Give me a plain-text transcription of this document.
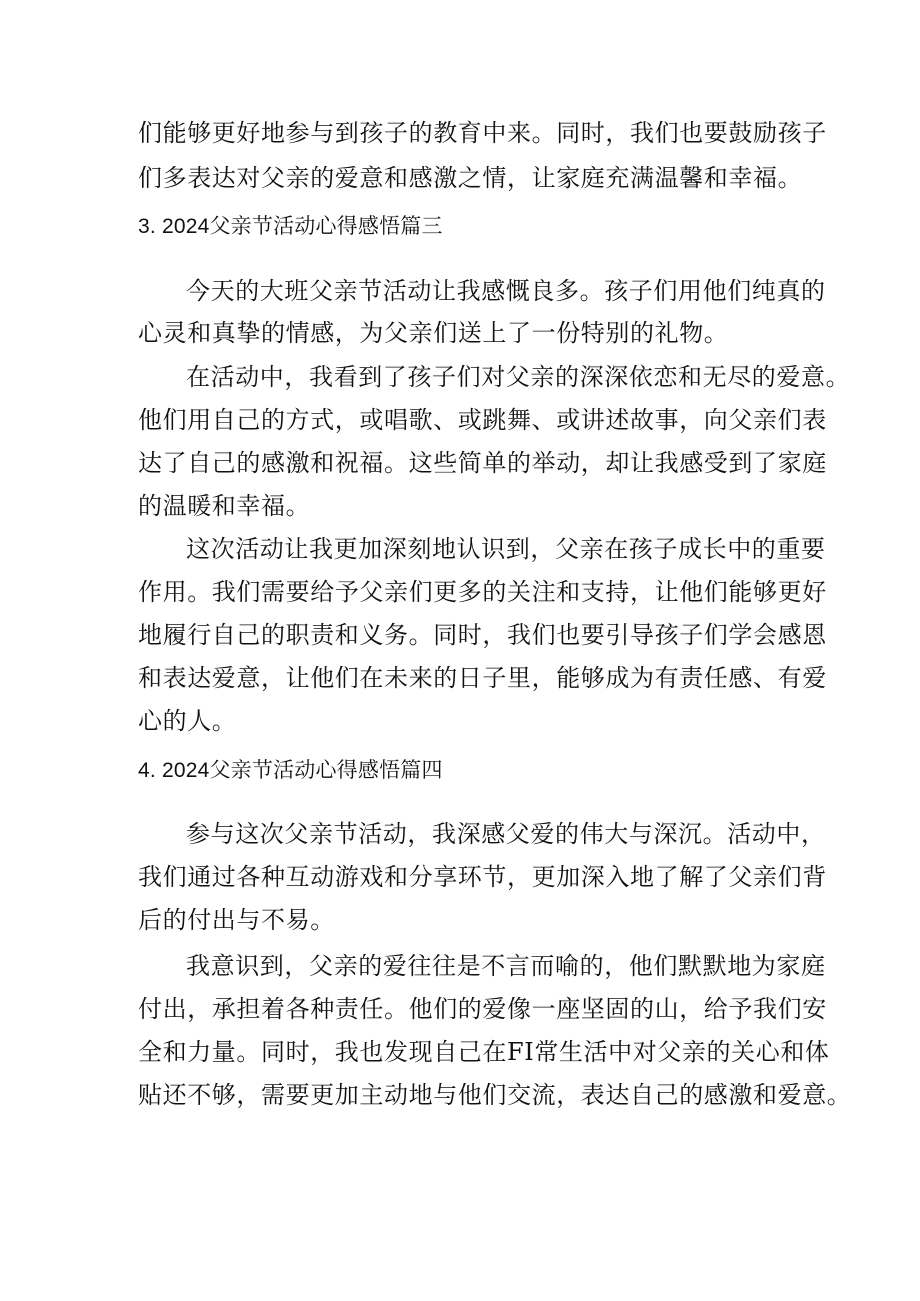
们能够更好地参与到孩子的教育中来。同时，我们也要鼓励孩子
们多表达对父亲的爱意和感激之情，让家庭充满温馨和幸福。
3. 2024父亲节活动心得感悟篇三
今天的大班父亲节活动让我感慨良多。孩子们用他们纯真的
心灵和真挚的情感，为父亲们送上了一份特别的礼物。
在活动中，我看到了孩子们对父亲的深深依恋和无尽的爱意。
他们用自己的方式，或唱歌、或跳舞、或讲述故事，向父亲们表
达了自己的感激和祝福。这些简单的举动，却让我感受到了家庭
的温暖和幸福。
这次活动让我更加深刻地认识到，父亲在孩子成长中的重要
作用。我们需要给予父亲们更多的关注和支持，让他们能够更好
地履行自己的职责和义务。同时，我们也要引导孩子们学会感恩
和表达爱意，让他们在未来的日子里，能够成为有责任感、有爱
心的人。
4. 2024父亲节活动心得感悟篇四
参与这次父亲节活动，我深感父爱的伟大与深沉。活动中，
我们通过各种互动游戏和分享环节，更加深入地了解了父亲们背
后的付出与不易。
我意识到，父亲的爱往往是不言而喻的，他们默默地为家庭
付出，承担着各种责任。他们的爱像一座坚固的山，给予我们安
全和力量。同时，我也发现自己在FI常生活中对父亲的关心和体
贴还不够，需要更加主动地与他们交流，表达自己的感激和爱意。
